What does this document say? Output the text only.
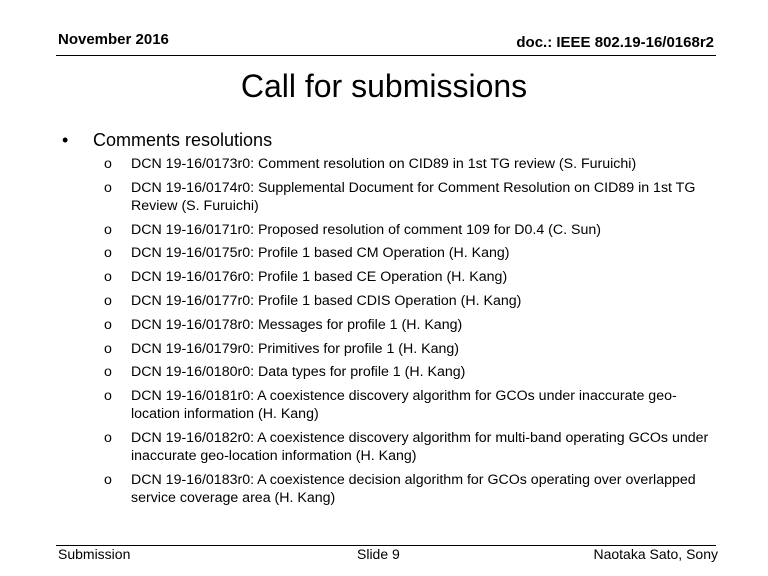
November 2016	doc.: IEEE 802.19-16/0168r2
Call for submissions
•	Comments resolutions
o	DCN 19-16/0173r0: Comment resolution on CID89 in 1st TG review (S. Furuichi)
o	DCN 19-16/0174r0: Supplemental Document for Comment Resolution on CID89 in 1st TG Review (S. Furuichi)
o	DCN 19-16/0171r0: Proposed resolution of comment 109 for D0.4 (C. Sun)
o	DCN 19-16/0175r0: Profile 1 based CM Operation (H. Kang)
o	DCN 19-16/0176r0: Profile 1 based CE Operation (H. Kang)
o	DCN 19-16/0177r0: Profile 1 based CDIS Operation (H. Kang)
o	DCN 19-16/0178r0: Messages for profile 1 (H. Kang)
o	DCN 19-16/0179r0: Primitives for profile 1 (H. Kang)
o	DCN 19-16/0180r0: Data types for profile 1 (H. Kang)
o	DCN 19-16/0181r0: A coexistence discovery algorithm for GCOs under inaccurate geo-location information (H. Kang)
o	DCN 19-16/0182r0: A coexistence discovery algorithm for multi-band operating GCOs under inaccurate geo-location information (H. Kang)
o	DCN 19-16/0183r0: A coexistence decision algorithm for GCOs operating over overlapped service coverage area (H. Kang)
Submission	Slide 9	Naotaka Sato, Sony
